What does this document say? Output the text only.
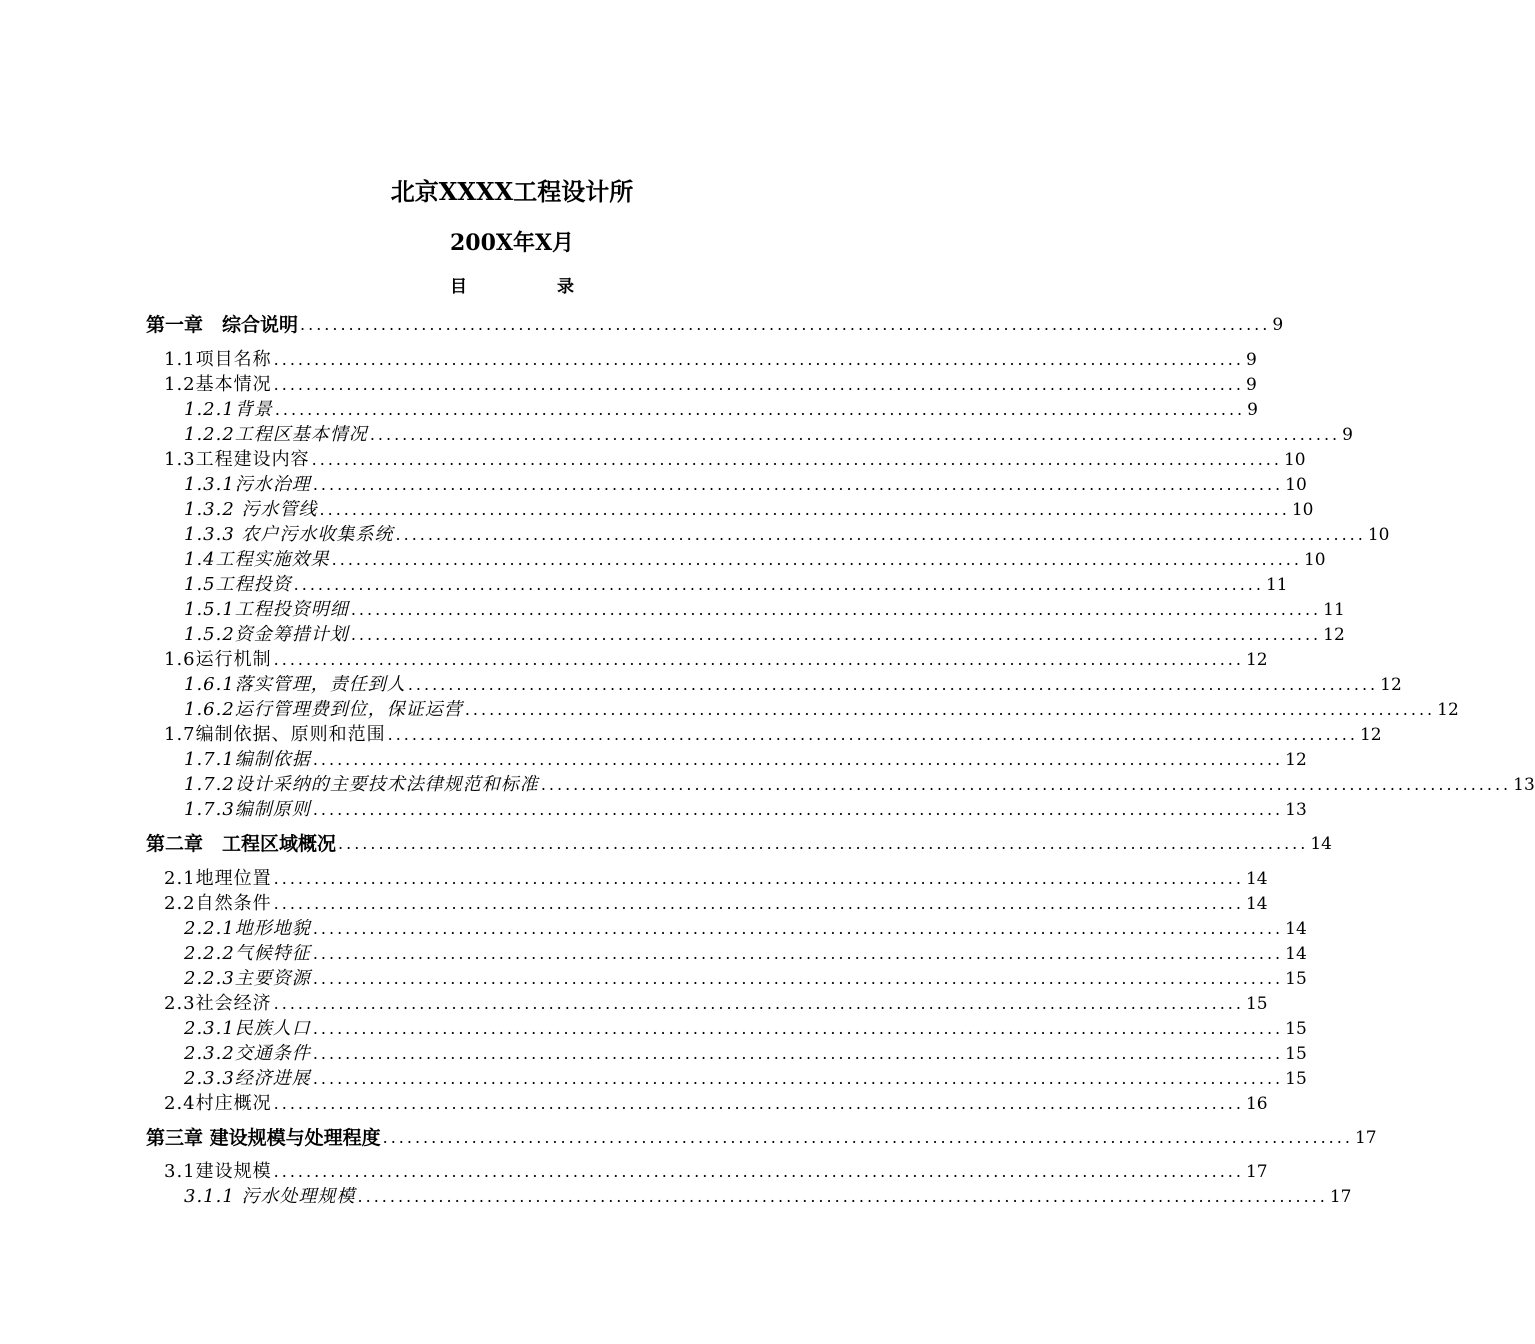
北京XXXX工程设计所
200X年X月
目 录
第一章　综合说明 ........................................................................................................................ 9
1.1项目名称 ........................................................................................................................ 9
1.2基本情况 ........................................................................................................................ 9
1.2.1背景 ........................................................................................................................ 9
1.2.2工程区基本情况 ........................................................................................................................ 9
1.3工程建设内容 ........................................................................................................................ 10
1.3.1污水治理 ........................................................................................................................ 10
1.3.2 污水管线 ........................................................................................................................ 10
1.3.3 农户污水收集系统 ........................................................................................................................ 10
1.4工程实施效果 ........................................................................................................................ 10
1.5工程投资 ........................................................................................................................ 11
1.5.1工程投资明细 ........................................................................................................................ 11
1.5.2资金筹措计划 ........................................................................................................................ 12
1.6运行机制 ........................................................................................................................ 12
1.6.1落实管理，责任到人 ........................................................................................................................ 12
1.6.2运行管理费到位，保证运营 ........................................................................................................................ 12
1.7编制依据、原则和范围 ........................................................................................................................ 12
1.7.1编制依据 ........................................................................................................................ 12
1.7.2设计采纳的主要技术法律规范和标准 ........................................................................................................................ 13
1.7.3编制原则 ........................................................................................................................ 13
第二章　工程区域概况 ........................................................................................................................ 14
2.1地理位置 ........................................................................................................................ 14
2.2自然条件 ........................................................................................................................ 14
2.2.1地形地貌 ........................................................................................................................ 14
2.2.2气候特征 ........................................................................................................................ 14
2.2.3主要资源 ........................................................................................................................ 15
2.3社会经济 ........................................................................................................................ 15
2.3.1民族人口 ........................................................................................................................ 15
2.3.2交通条件 ........................................................................................................................ 15
2.3.3经济进展 ........................................................................................................................ 15
2.4村庄概况 ........................................................................................................................ 16
第三章 建设规模与处理程度 ........................................................................................................................ 17
3.1建设规模 ........................................................................................................................ 17
3.1.1 污水处理规模 ........................................................................................................................ 17
